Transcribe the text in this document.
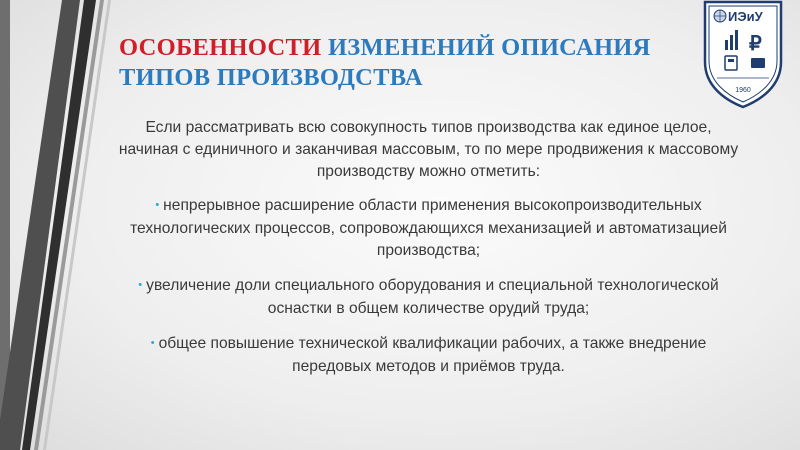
ОСОБЕННОСТИ ИЗМЕНЕНИЙ ОПИСАНИЯ ТИПОВ ПРОИЗВОДСТВА
ИЭиУ
₽
1960

Если рассматривать всю совокупность типов производства как единое целое, начиная с единичного и заканчивая массовым, то по мере продвижения к массовому производству можно отметить:

• непрерывное расширение области применения высокопроизводительных технологических процессов, сопровождающихся механизацией и автоматизацией производства;
• увеличение доли специального оборудования и специальной технологической оснастки в общем количестве орудий труда;
• общее повышение технической квалификации рабочих, а также внедрение передовых методов и приёмов труда.
